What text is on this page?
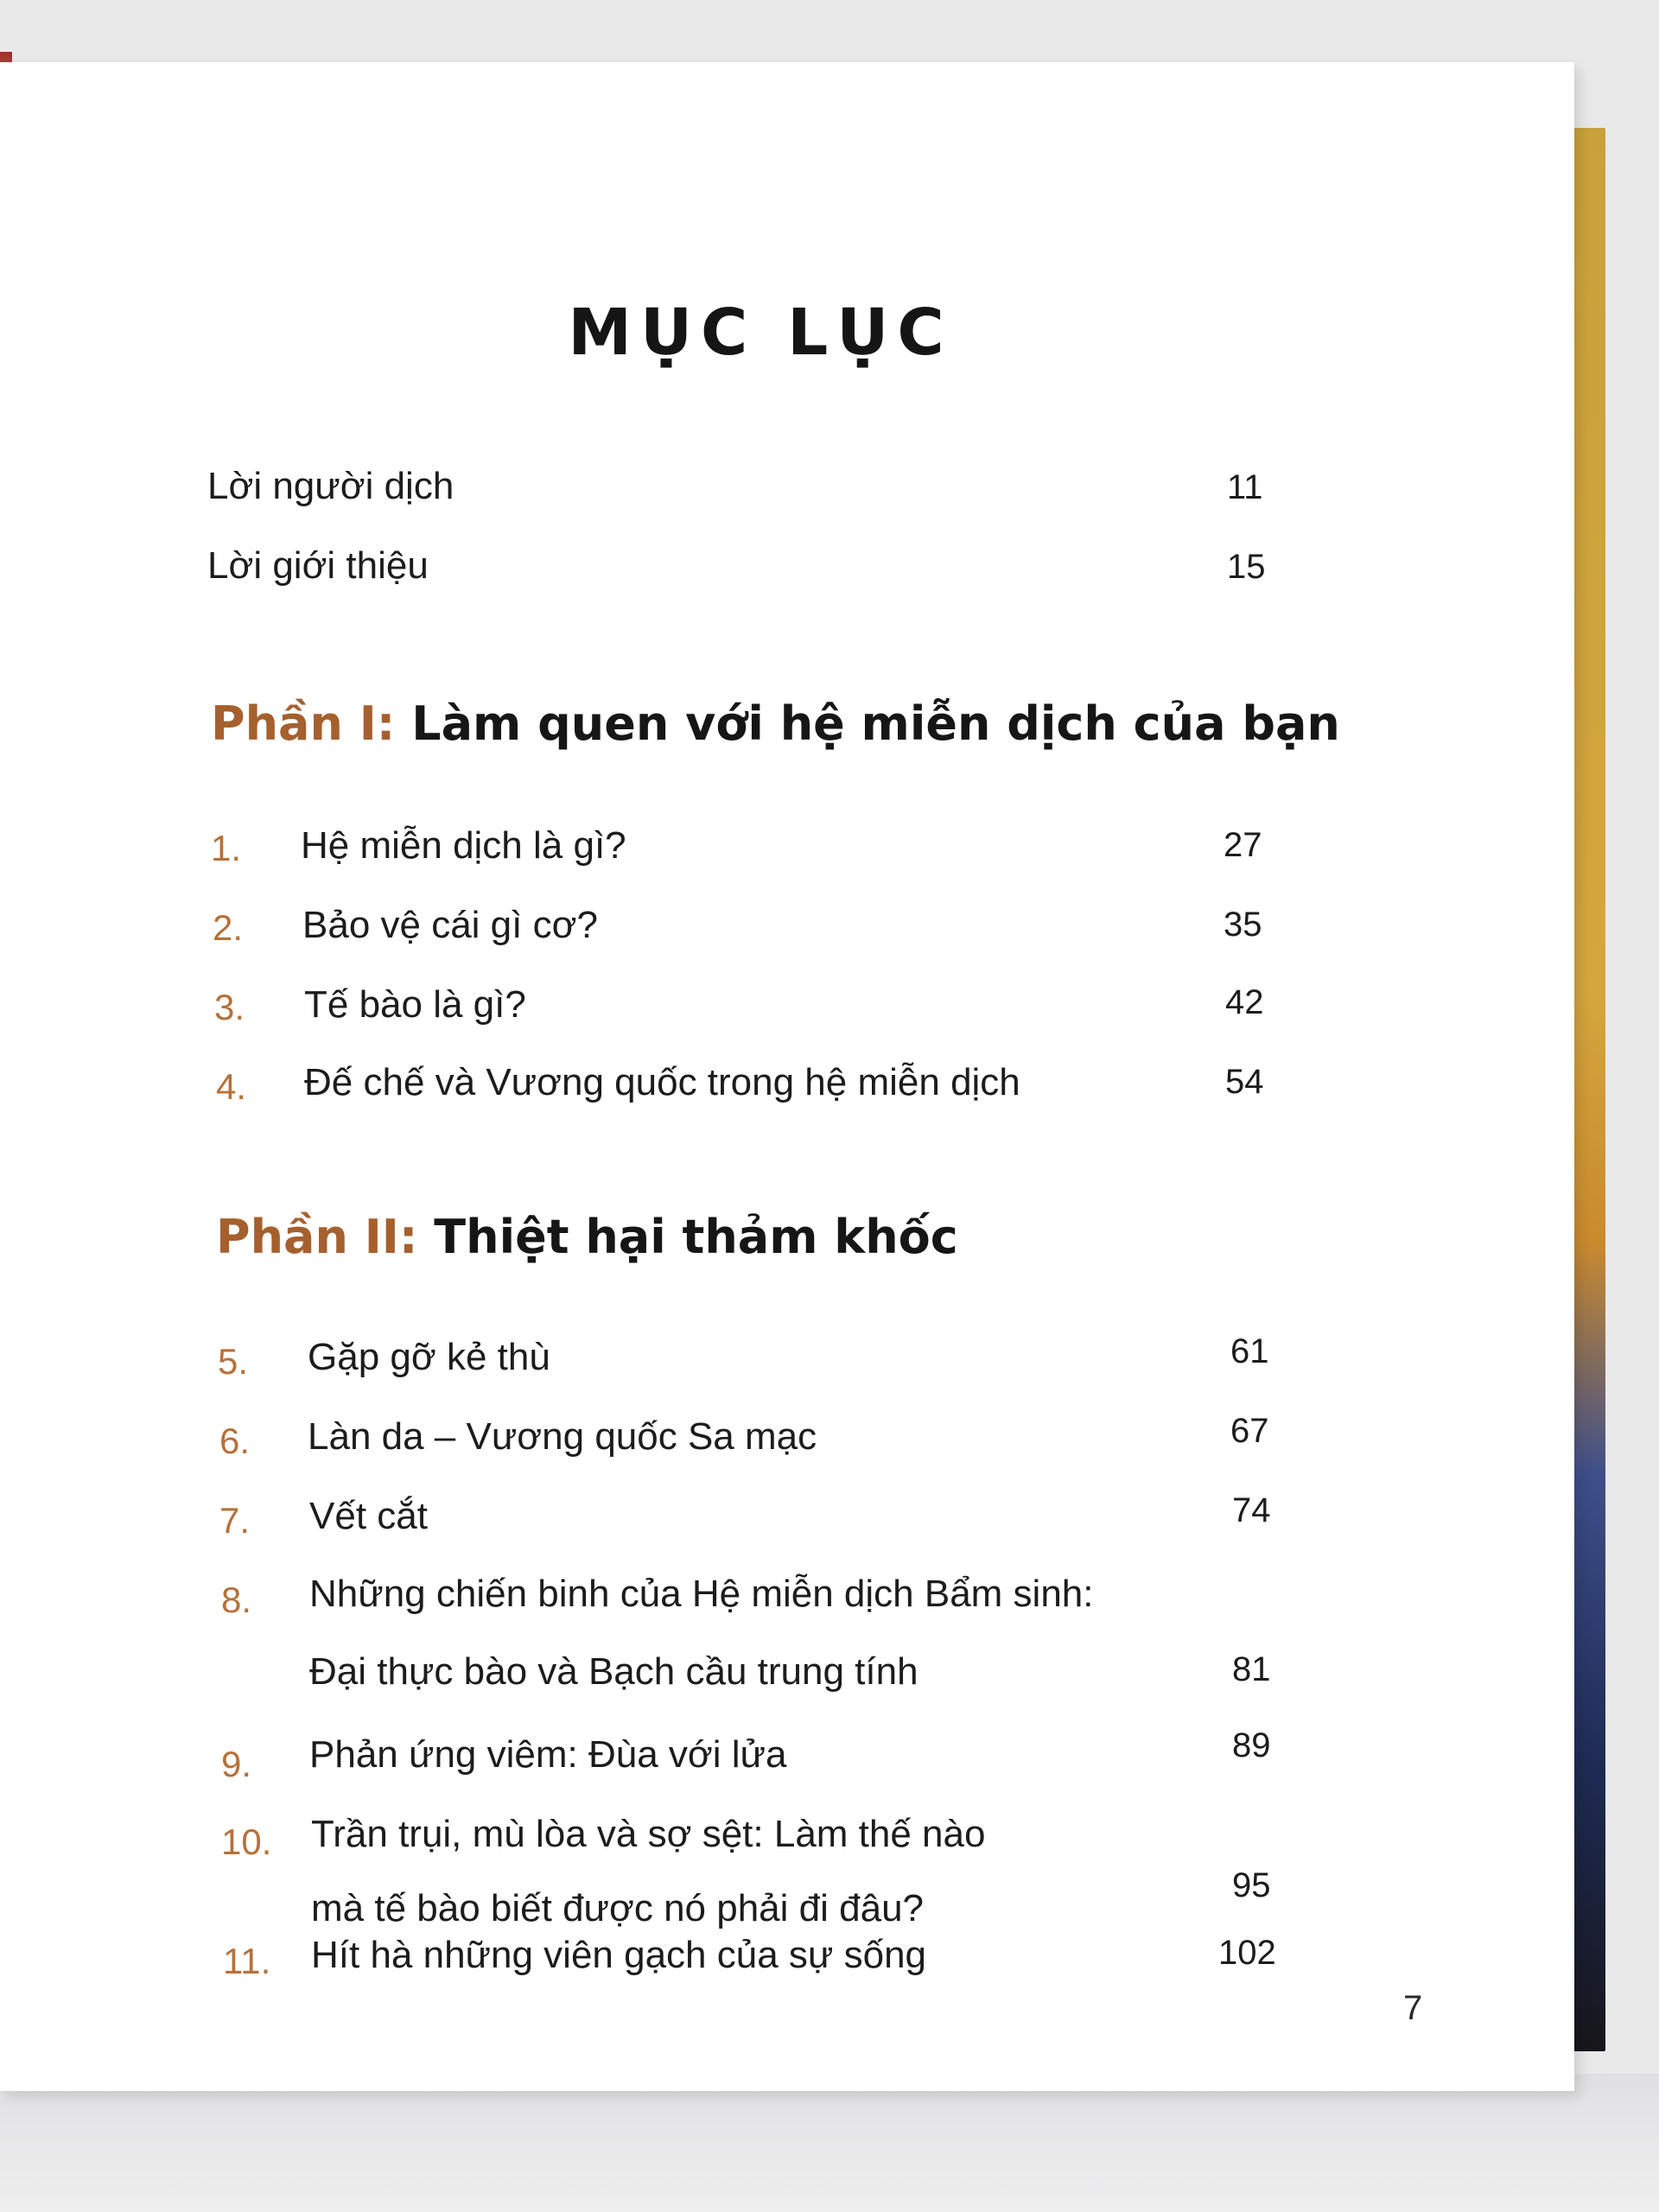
MỤC LỤC
Lời người dịch	11
Lời giới thiệu	15
Phần I: Làm quen với hệ miễn dịch của bạn
1. Hệ miễn dịch là gì?	27
2. Bảo vệ cái gì cơ?	35
3. Tế bào là gì?	42
4. Đế chế và Vương quốc trong hệ miễn dịch	54
Phần II: Thiệt hại thảm khốc
5. Gặp gỡ kẻ thù	61
6. Làn da – Vương quốc Sa mạc	67
7. Vết cắt	74
8. Những chiến binh của Hệ miễn dịch Bẩm sinh:
Đại thực bào và Bạch cầu trung tính	81
9. Phản ứng viêm: Đùa với lửa	89
10. Trần trụi, mù lòa và sợ sệt: Làm thế nào
mà tế bào biết được nó phải đi đâu?
95
11. Hít hà những viên gạch của sự sống	102
7
